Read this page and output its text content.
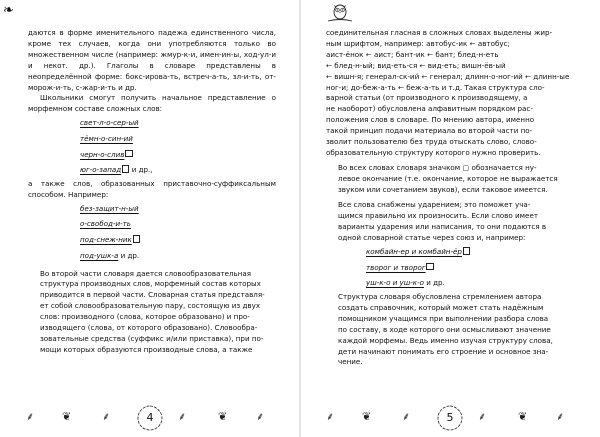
❧

даются в форме именительного падежа единственного числа, кроме тех случаев, когда они употребляются только во множественном числе (например: жмур-к-и, имен-ин-ы, ход-ул-и и некот. др.). Глаголы в словаре представлены в неопределённой форме: бокс-ирова-ть, встреч-а-ть, зл-и-ть, от-морож-и-ть, с-жар-и-ть и др.

Школьники смогут получить начальное представление о морфемном составе сложных слов:

свет-л-о-сер-ый
тёмн-о-син-ий
черн-о-слив
юг-о-запад и др.,

а также слов, образованных приставочно-суффиксальным способом. Например:

без-защит-н-ый
о-свобод-и-ть
под-снеж-ник
под-ушк-а и др.
Во второй части словаря дается словообразовательная
структура производных слов, морфемный состав которых
приводится в первой части. Словарная статья представля-
ет собой словообразовательную пару, состоящую из двух
слов: производного (слова, которое образовано) и про-
изводящего (слова, от которого образовано). Словообра-
зовательные средства (суффикс и/или приставка), при по-
мощи которых образуются производные слова, а также
⸙	❦	⸙	4	⸙	❦	⸙
соединительная гласная в сложных словах выделены жир-
ным шрифтом, например: автобус-ик ← автобус;
аист-ёнок ← аист; бант-ик ← бант; блед-н-еть
← блед-н-ый; вид-еть-ся ← вид-еть; вишн-ёв-ый
← вишн-я; генерал-ск-ий ← генерал; длинн-о-ног-ий ← длинн-ые
ног-и; до-беж-а-ть ← беж-а-ть и т.д. Такая структура сло-
варной статьи (от производного к производящему, а
не наоборот) обусловлена алфавитным порядком рас-
положения слов в словаре. По мнению автора, именно
такой принцип подачи материала во второй части по-
зволит пользователю без труда отыскать слово, слово-
образовательную структуру которого нужно проверить.
Во всех словах словаря значком ▢ обозначается ну-
левое окончание (т.е. окончание, которое не выражается
звуком или сочетанием звуков), если таковое имеется.
Все слова снабжены ударением; это поможет уча-
щимся правильно их произносить. Если слово имеет
варианты ударения или написания, то они подаются в
одной словарной статье через союз и, например:
комбайн-ер и комбайн-ёр
творог и творог
уш-к-о и уш-к-о и др.
Структура словаря обусловлена стремлением автора
создать справочник, который может стать надёжным
помощником учащимся при выполнении разбора слова
по составу, в ходе которого они осмысливают значение
каждой морфемы. Ведь именно изучая структуру слова,
дети начинают понимать его строение и основное зна-
чение.
⸙	❦	⸙	5	⸙	❦	⸙
